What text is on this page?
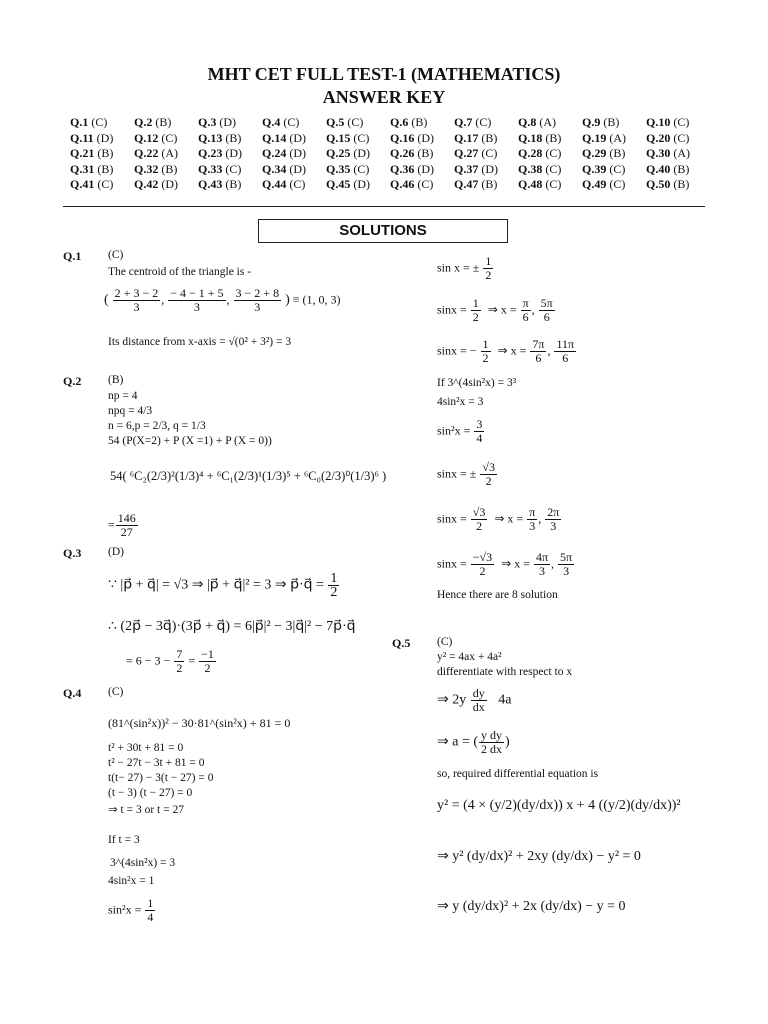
MHT CET FULL TEST-1 (MATHEMATICS)
ANSWER KEY
Q.1 (C)	Q.2 (B)	Q.3 (D)	Q.4 (C)	Q.5 (C)	Q.6 (B)	Q.7 (C)	Q.8 (A)	Q.9 (B)	Q.10 (C)
Q.11 (D)	Q.12 (C)	Q.13 (B)	Q.14 (D)	Q.15 (C)	Q.16 (D)	Q.17 (B)	Q.18 (B)	Q.19 (A)	Q.20 (C)
Q.21 (B)	Q.22 (A)	Q.23 (D)	Q.24 (D)	Q.25 (D)	Q.26 (B)	Q.27 (C)	Q.28 (C)	Q.29 (B)	Q.30 (A)
Q.31 (B)	Q.32 (B)	Q.33 (C)	Q.34 (D)	Q.35 (C)	Q.36 (D)	Q.37 (D)	Q.38 (C)	Q.39 (C)	Q.40 (B)
Q.41 (C)	Q.42 (D)	Q.43 (B)	Q.44 (C)	Q.45 (D)	Q.46 (C)	Q.47 (B)	Q.48 (C)	Q.49 (C)	Q.50 (B)
SOLUTIONS
Q.1 (C)
The centroid of the triangle is -
( $\frac{2 + 3 - 2}{3}$ , $\frac{- 4 - 1 + 5}{3}$ , $\frac{3 - 2 + 8}{3}$ ) ≡ (1, 0, 3)
Its distance from x-axis = √(0² + 3²) = 3
Q.2 (B)
np = 4
npq = 4/3
n = 6,p = 2/3, q = 1/3
54 (P(X=2) + P (X =1) + P (X = 0))
54( ⁶C₂(2/3)²(1/3)⁴ + ⁶C₁(2/3)¹(1/3)⁵ + ⁶C₀(2/3)⁰(1/3)⁶ )
= $\frac{146}{27}$
Q.3 (D)
∵ |p⃗ + q⃗| = √3 ⇒ |p⃗ + q⃗|² = 3 ⇒ p⃗·q⃗ = $\frac{1}{2}$
∴ (2p⃗ − 3q⃗)·(3p⃗ + q⃗) = 6|p⃗|² − 3|q⃗|² − 7p⃗·q⃗
= $6 - 3 - \frac{7}{2} = \frac{-1}{2}$
Q.4 (C)
(81^(sin²x))² − 30·81^(sin²x) + 81 = 0
t² + 30t + 81 = 0
t² − 27t − 3t + 81 = 0
t(t− 27) − 3(t − 27) = 0
(t − 3) (t − 27) = 0
⇒ t = 3 or t = 27
If t = 3
3^(4sin²x) = 3
4sin²x = 1
$\sin^2x = \frac{1}{4}$
sin x = ± $\frac{1}{2}$
$\sin x = \frac{1}{2}$ ⇒ $x = \frac{\pi}{6}$ , $\frac{5\pi}{6}$
sinx = − $\frac{1}{2}$ ⇒ $x = \frac{7\pi}{6}$ , $\frac{11\pi}{6}$
If 3^(4sin²x) = 3³
4sin²x = 3
$\sin^2x = \frac{3}{4}$
sinx = ± $\frac{√3}{2}$
$\sin x = \frac{√3}{2}$ ⇒ $x = \frac{\pi}{3}$ , $\frac{2\pi}{3}$
$\sin x = \frac{-√3}{2}$ ⇒ $x = \frac{4\pi}{3}$ , $\frac{5\pi}{3}$
Hence there are 8 solution
Q.5 (C)
y² = 4ax + 4a²
differentiate with respect to x
⇒ $2y \frac{dy}{dx} 4a$
⇒ a = ( $\frac{\text{y dy}}{2 dx}$ )
so, required differential equation is
y² = (4 × (y/2)(dy/dx)) x + 4 ((y/2)(dy/dx))²
⇒ y² (dy/dx)² + 2xy (dy/dx) − y² = 0
⇒ y (dy/dx)² + 2x (dy/dx) − y = 0
